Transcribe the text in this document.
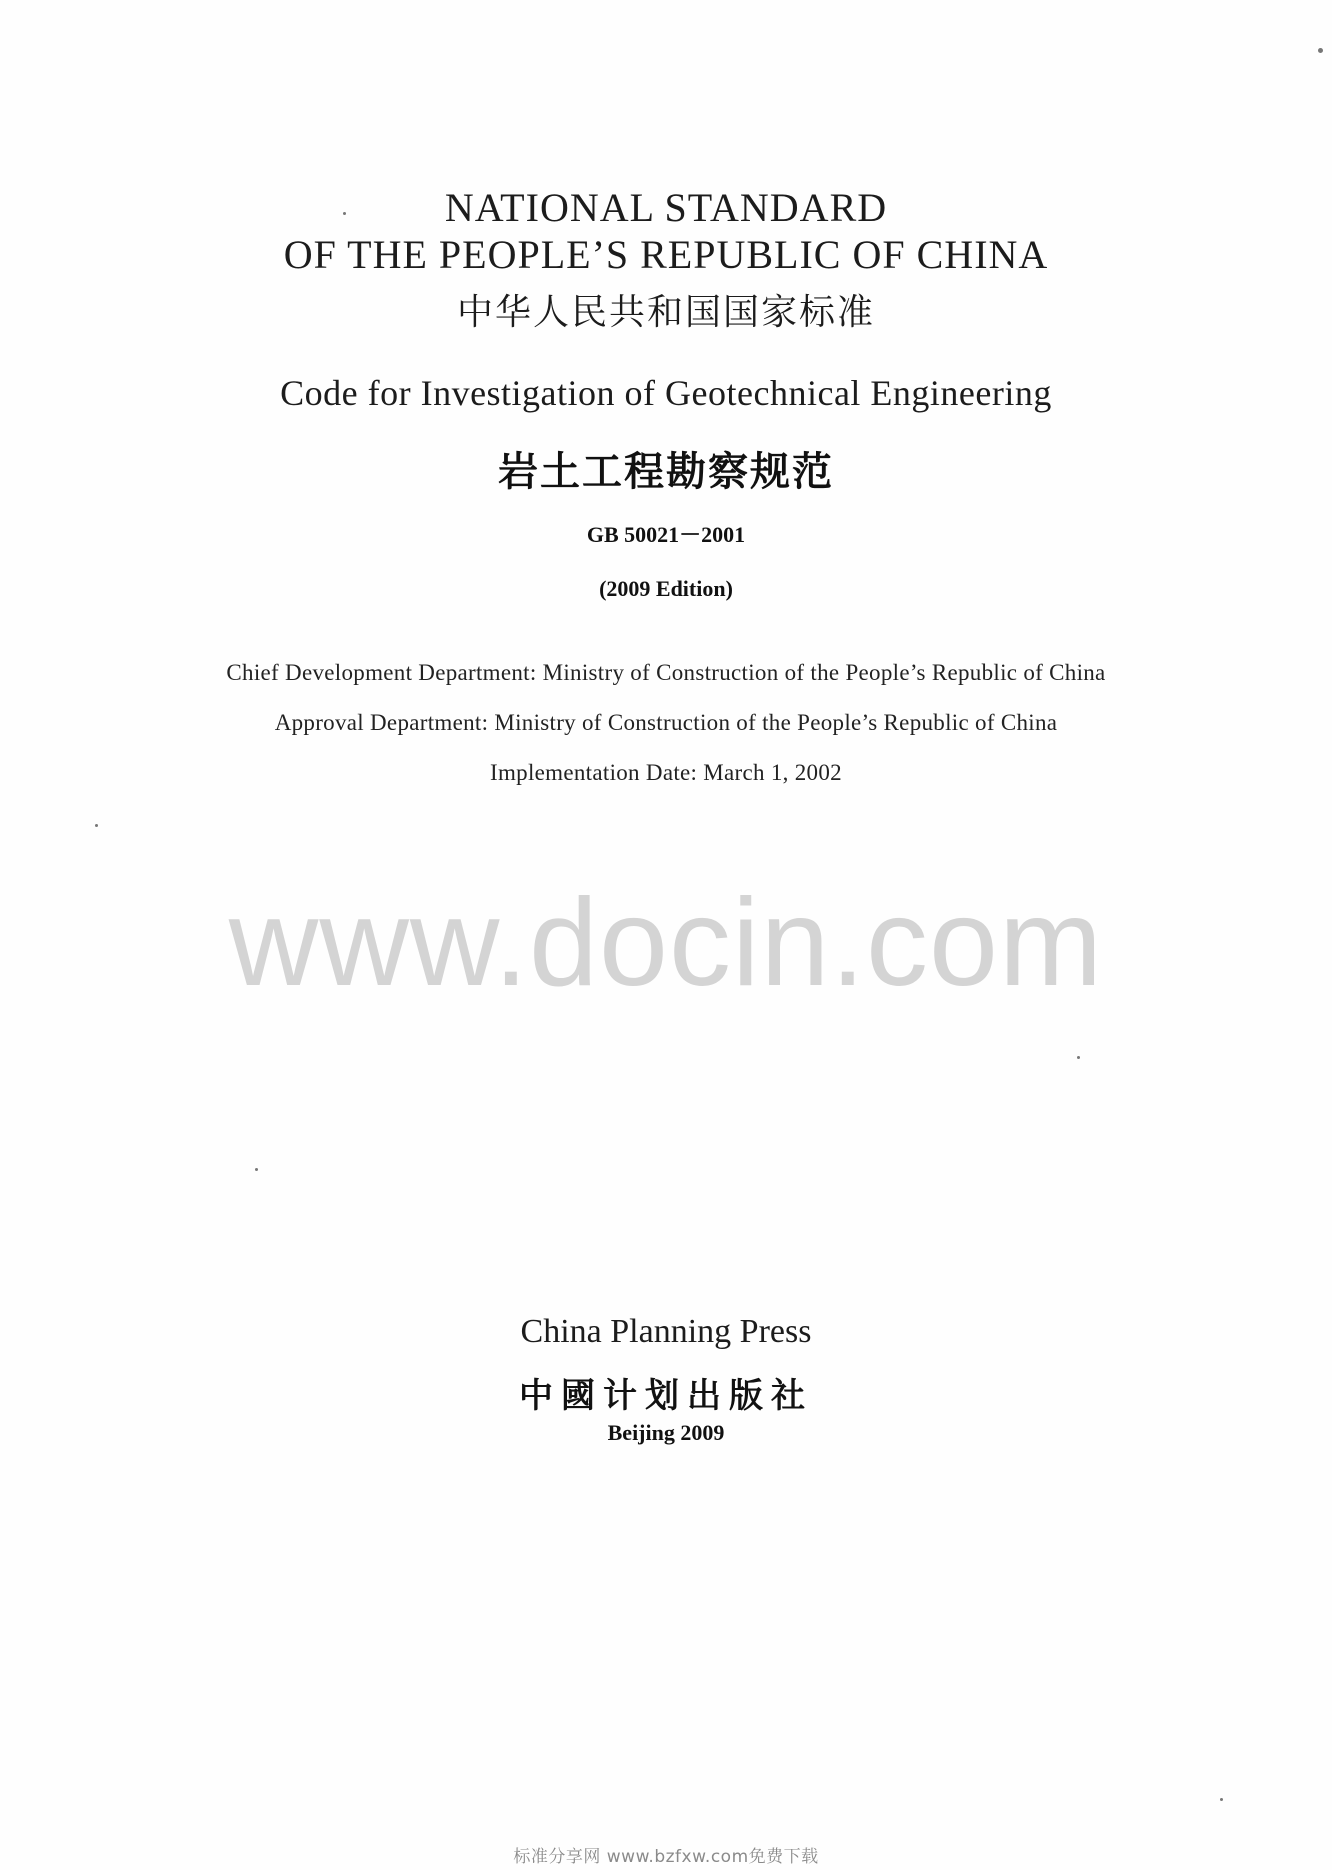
NATIONAL STANDARD
OF THE PEOPLE’S REPUBLIC OF CHINA
中华人民共和国国家标准
Code for Investigation of Geotechnical Engineering
岩土工程勘察规范
GB 50021－2001
(2009 Edition)
Chief Development Department: Ministry of Construction of the People’s Republic of China
Approval Department: Ministry of Construction of the People’s Republic of China
Implementation Date: March 1, 2002
www.docin.com
China Planning Press
中國计划出版社
Beijing 2009
标准分享网 www.bzfxw.com免费下载
